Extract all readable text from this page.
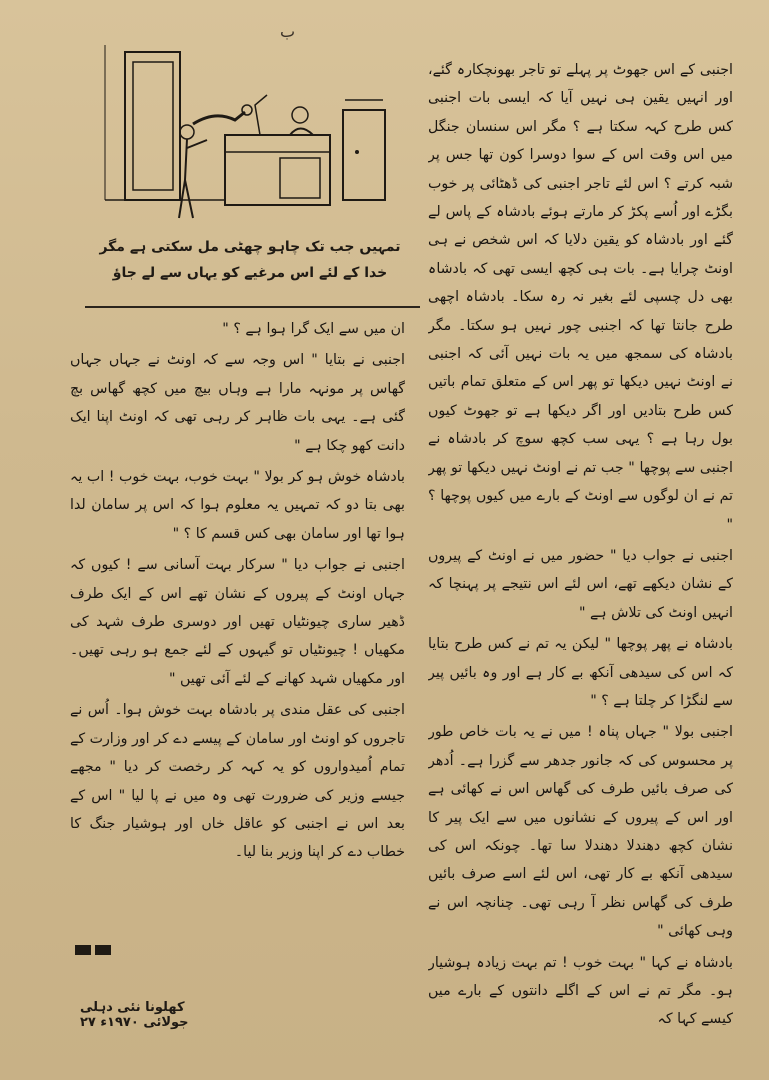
ب
تمہیں جب تک چاہو چھٹی مل سکتی ہے مگر
خدا کے لئے اس مرغیے کو یہاں سے لے جاؤ

اجنبی کے اس جھوٹ پر پہلے تو تاجر بھونچکارہ گئے، اور انہیں یقین ہی نہیں آیا کہ ایسی بات اجنبی کس طرح کہہ سکتا ہے ؟ مگر اس سنسان جنگل میں اس وقت اس کے سوا دوسرا کون تھا جس پر شبہ کرتے ؟ اس لئے تاجر اجنبی کی ڈھٹائی پر خوب بگڑے اور اُسے پکڑ کر مارتے ہوئے بادشاہ کے پاس لے گئے اور بادشاہ کو یقین دلایا کہ اس شخص نے ہی اونٹ چرایا ہے۔ بات ہی کچھ ایسی تھی کہ بادشاہ بھی دل چسپی لئے بغیر نہ رہ سکا۔ بادشاہ اچھی طرح جانتا تھا کہ اجنبی چور نہیں ہو سکتا۔ مگر بادشاہ کی سمجھ میں یہ بات نہیں آئی کہ اجنبی نے اونٹ نہیں دیکھا تو پھر اس کے متعلق تمام باتیں کس طرح بتادیں اور اگر دیکھا ہے تو جھوٹ کیوں بول رہا ہے ؟ یہی سب کچھ سوچ کر بادشاہ نے اجنبی سے پوچھا " جب تم نے اونٹ نہیں دیکھا تو پھر تم نے ان لوگوں سے اونٹ کے بارے میں کیوں پوچھا ؟ "

اجنبی نے جواب دیا " حضور میں نے اونٹ کے پیروں کے نشان دیکھے تھے، اس لئے اس نتیجے پر پہنچا کہ انہیں اونٹ کی تلاش ہے "

بادشاہ نے پھر پوچھا " لیکن یہ تم نے کس طرح بتایا کہ اس کی سیدھی آنکھ بے کار ہے اور وہ بائیں پیر سے لنگڑا کر چلتا ہے ؟ "

اجنبی بولا " جہاں پناہ ! میں نے یہ بات خاص طور پر محسوس کی کہ جانور جدھر سے گزرا ہے۔ اُدھر کی صرف بائیں طرف کی گھاس اس نے کھائی ہے اور اس کے پیروں کے نشانوں میں سے ایک پیر کا نشان کچھ دھندلا دھندلا سا تھا۔ چونکہ اس کی سیدھی آنکھ بے کار تھی، اس لئے اسے صرف بائیں طرف کی گھاس نظر آ رہی تھی۔ چنانچہ اس نے وہی کھائی "

بادشاہ نے کہا " بہت خوب ! تم بہت زیادہ ہوشیار ہو۔ مگر تم نے اس کے اگلے دانتوں کے بارے میں کیسے کہا کہ

ان میں سے ایک گرا ہوا ہے ؟ "

اجنبی نے بتایا " اس وجہ سے کہ اونٹ نے جہاں جہاں گھاس پر مونہہ مارا ہے وہاں بیچ میں کچھ گھاس بچ گئی ہے۔ یہی بات ظاہر کر رہی تھی کہ اونٹ اپنا ایک دانت کھو چکا ہے "

بادشاہ خوش ہو کر بولا " بہت خوب، بہت خوب ! اب یہ بھی بتا دو کہ تمہیں یہ معلوم ہوا کہ اس پر سامان لدا ہوا تھا اور سامان بھی کس قسم کا ؟ "

اجنبی نے جواب دیا " سرکار بہت آسانی سے ! کیوں کہ جہاں اونٹ کے پیروں کے نشان تھے اس کے ایک طرف ڈھیر ساری چیونٹیاں تھیں اور دوسری طرف شہد کی مکھیاں ! چیونٹیاں تو گیہوں کے لئے جمع ہو رہی تھیں۔ اور مکھیاں شہد کھانے کے لئے آئی تھیں "

اجنبی کی عقل مندی پر بادشاہ بہت خوش ہوا۔ اُس نے تاجروں کو اونٹ اور سامان کے پیسے دے کر اور وزارت کے تمام اُمیدواروں کو یہ کہہ کر رخصت کر دیا " مجھے جیسے وزیر کی ضرورت تھی وہ میں نے پا لیا " اس کے بعد اس نے اجنبی کو عاقل خاں اور ہوشیار جنگ کا خطاب دے کر اپنا وزیر بنا لیا۔

کھلونا نئی دہلی جولائی ۱۹۷۰ء ۲۷
